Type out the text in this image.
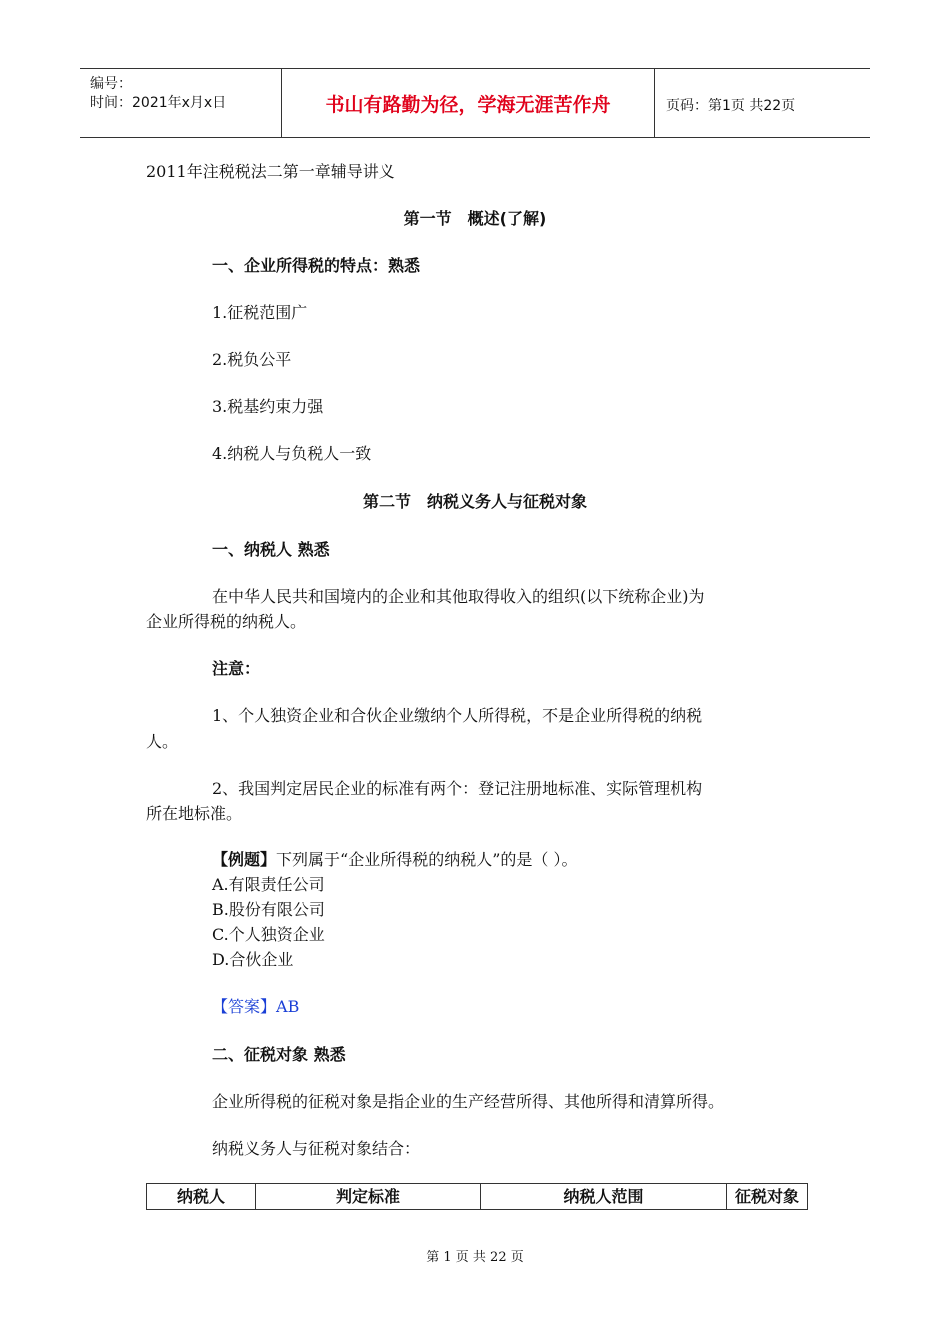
编号：
时间：2021年x月x日	书山有路勤为径，学海无涯苦作舟	页码：第1页 共22页
2011年注税税法二第一章辅导讲义
第一节　概述(了解)
一、企业所得税的特点：熟悉
1.征税范围广
2.税负公平
3.税基约束力强
4.纳税人与负税人一致
第二节　纳税义务人与征税对象
一、纳税人 熟悉
在中华人民共和国境内的企业和其他取得收入的组织(以下统称企业)为
企业所得税的纳税人。
注意：
1、个人独资企业和合伙企业缴纳个人所得税，不是企业所得税的纳税
人。
2、我国判定居民企业的标准有两个：登记注册地标准、实际管理机构
所在地标准。
【例题】下列属于“企业所得税的纳税人”的是（ ）。
A.有限责任公司
B.股份有限公司
C.个人独资企业
D.合伙企业
【答案】AB
二、征税对象 熟悉
企业所得税的征税对象是指企业的生产经营所得、其他所得和清算所得。
纳税义务人与征税对象结合：
纳税人	判定标准	纳税人范围	征税对象
第 1 页 共 22 页
